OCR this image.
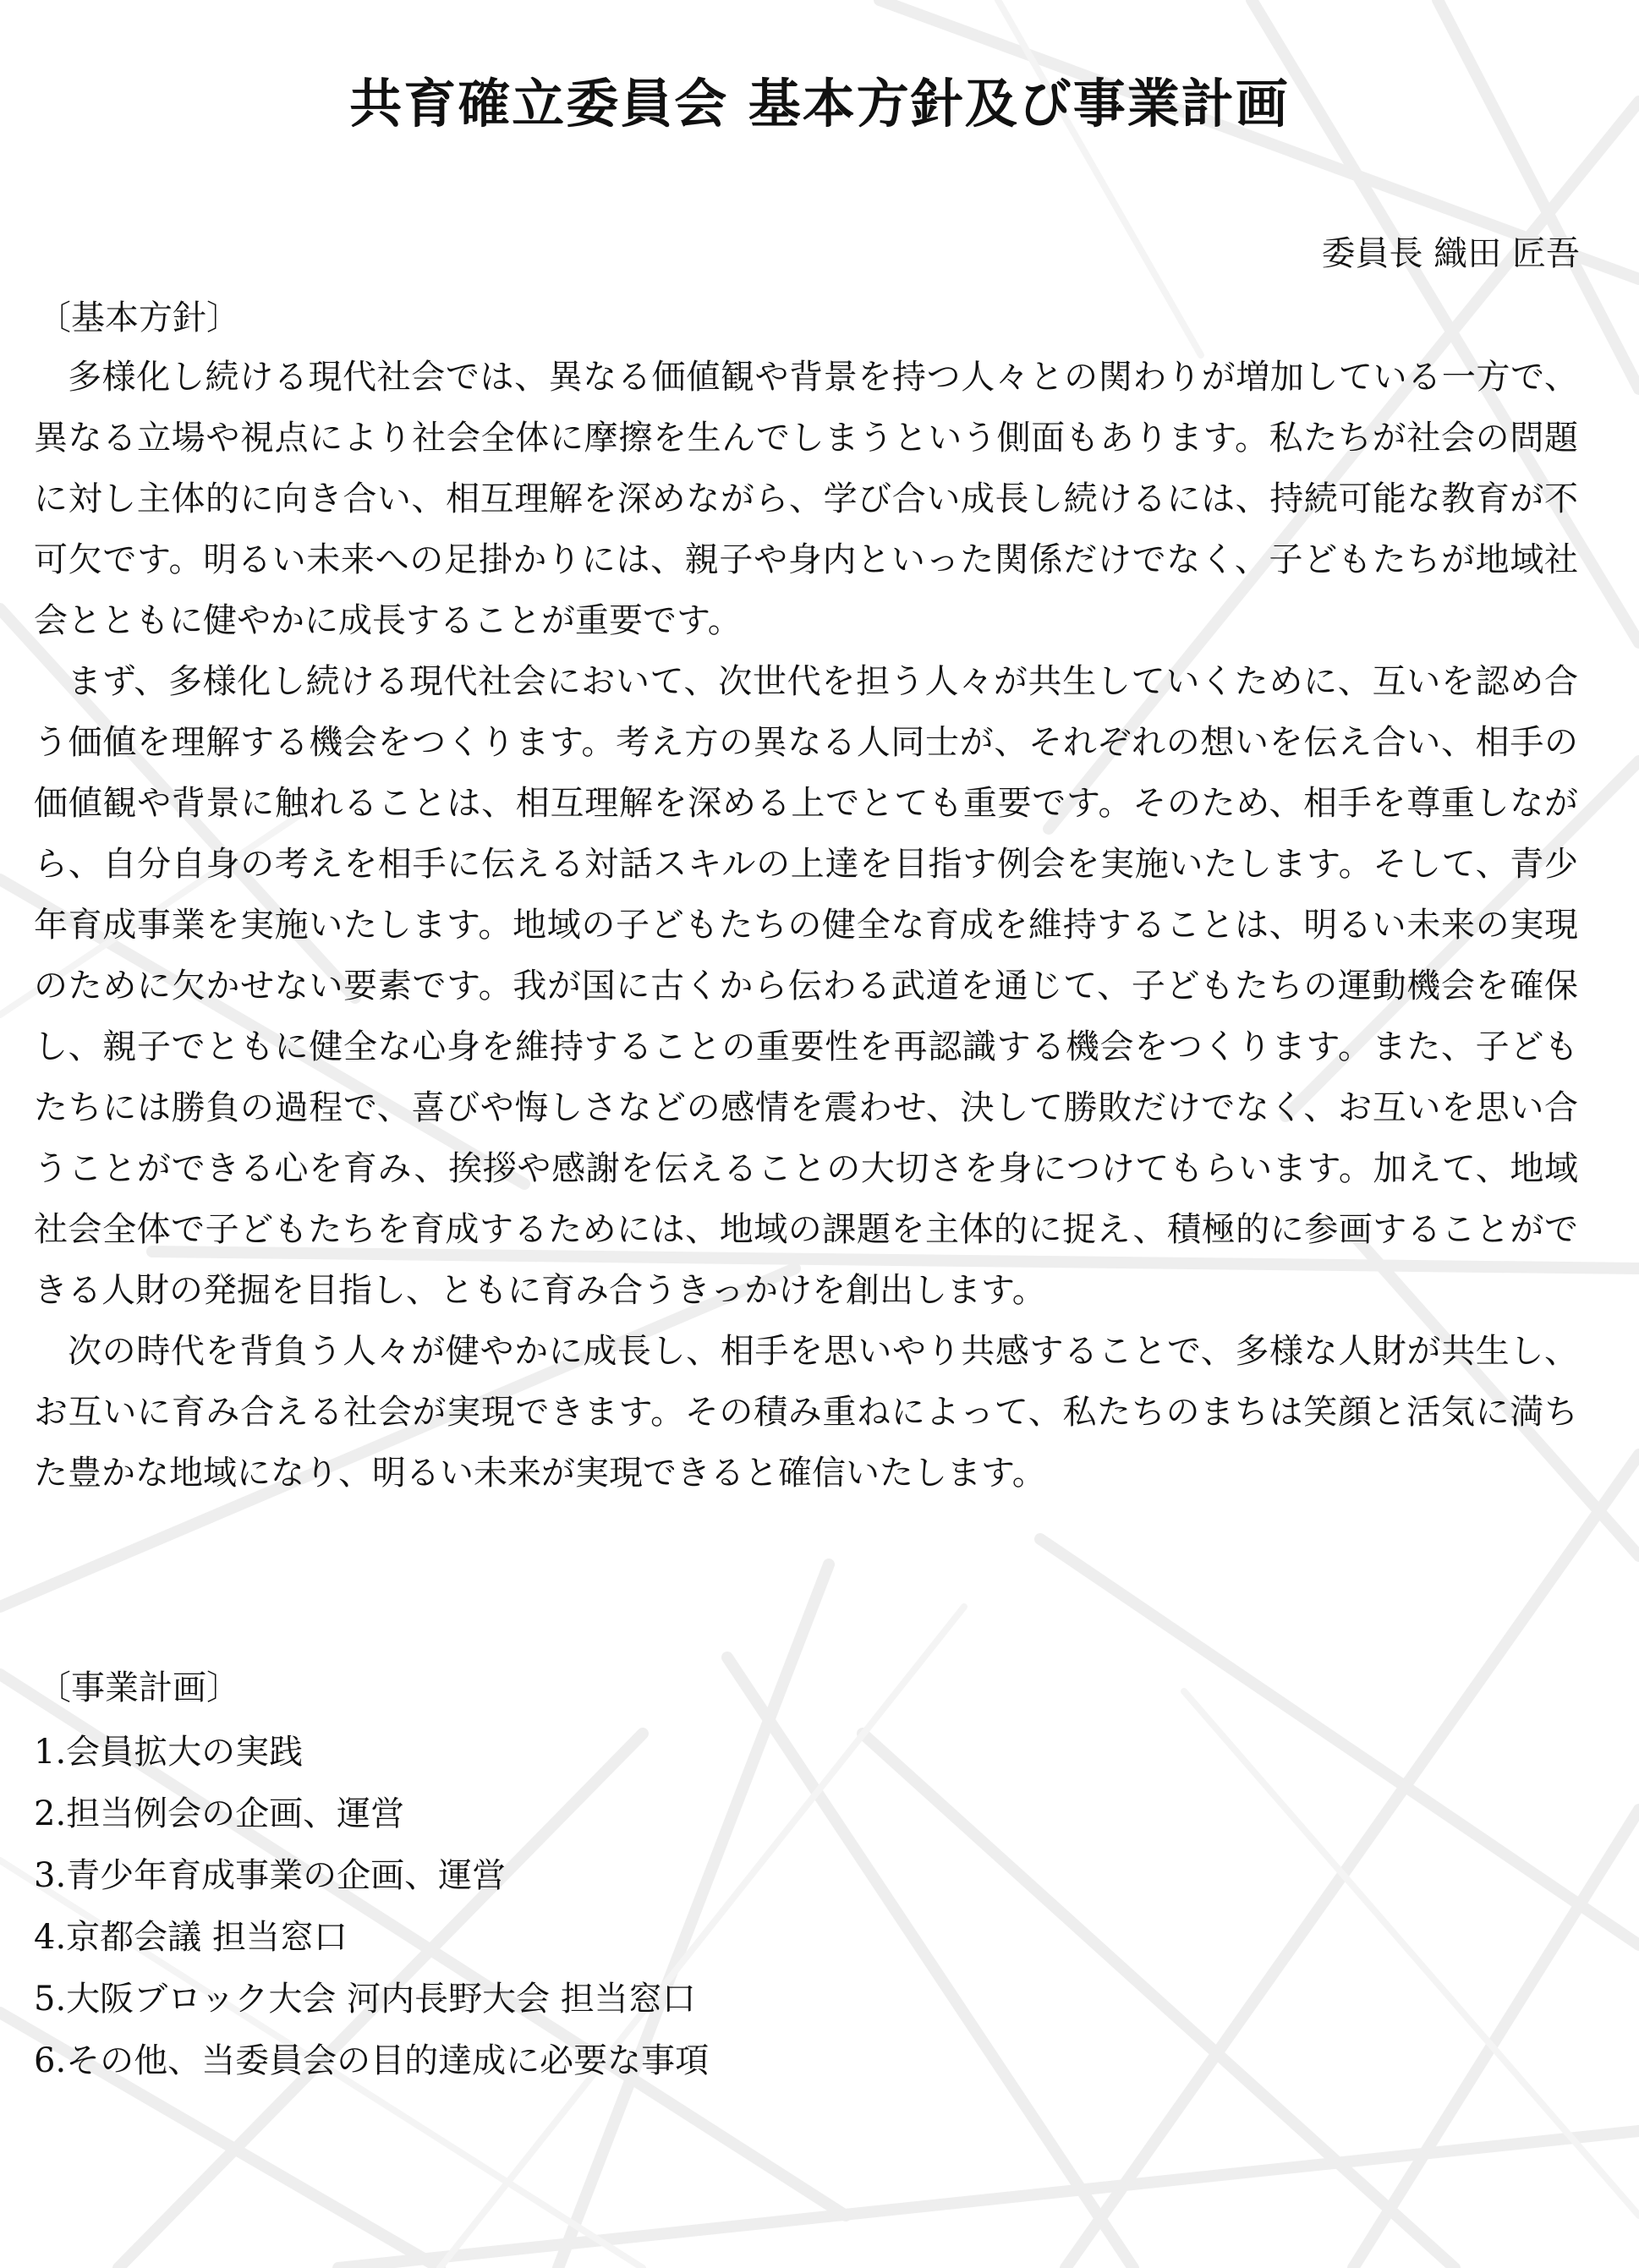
共育確立委員会 基本方針及び事業計画

委員長 織田 匠吾

〔基本方針〕

多様化し続ける現代社会では、異なる価値観や背景を持つ人々との関わりが増加している一方で、異なる立場や視点により社会全体に摩擦を生んでしまうという側面もあります。私たちが社会の問題に対し主体的に向き合い、相互理解を深めながら、学び合い成長し続けるには、持続可能な教育が不可欠です。明るい未来への足掛かりには、親子や身内といった関係だけでなく、子どもたちが地域社会とともに健やかに成長することが重要です。

まず、多様化し続ける現代社会において、次世代を担う人々が共生していくために、互いを認め合う価値を理解する機会をつくります。考え方の異なる人同士が、それぞれの想いを伝え合い、相手の価値観や背景に触れることは、相互理解を深める上でとても重要です。そのため、相手を尊重しながら、自分自身の考えを相手に伝える対話スキルの上達を目指す例会を実施いたします。そして、青少年育成事業を実施いたします。地域の子どもたちの健全な育成を維持することは、明るい未来の実現のために欠かせない要素です。我が国に古くから伝わる武道を通じて、子どもたちの運動機会を確保し、親子でともに健全な心身を維持することの重要性を再認識する機会をつくります。また、子どもたちには勝負の過程で、喜びや悔しさなどの感情を震わせ、決して勝敗だけでなく、お互いを思い合うことができる心を育み、挨拶や感謝を伝えることの大切さを身につけてもらいます。加えて、地域社会全体で子どもたちを育成するためには、地域の課題を主体的に捉え、積極的に参画することができる人財の発掘を目指し、ともに育み合うきっかけを創出します。

次の時代を背負う人々が健やかに成長し、相手を思いやり共感することで、多様な人財が共生し、お互いに育み合える社会が実現できます。その積み重ねによって、私たちのまちは笑顔と活気に満ちた豊かな地域になり、明るい未来が実現できると確信いたします。

〔事業計画〕
1.会員拡大の実践
2.担当例会の企画、運営
3.青少年育成事業の企画、運営
4.京都会議 担当窓口
5.大阪ブロック大会 河内長野大会 担当窓口
6.その他、当委員会の目的達成に必要な事項
